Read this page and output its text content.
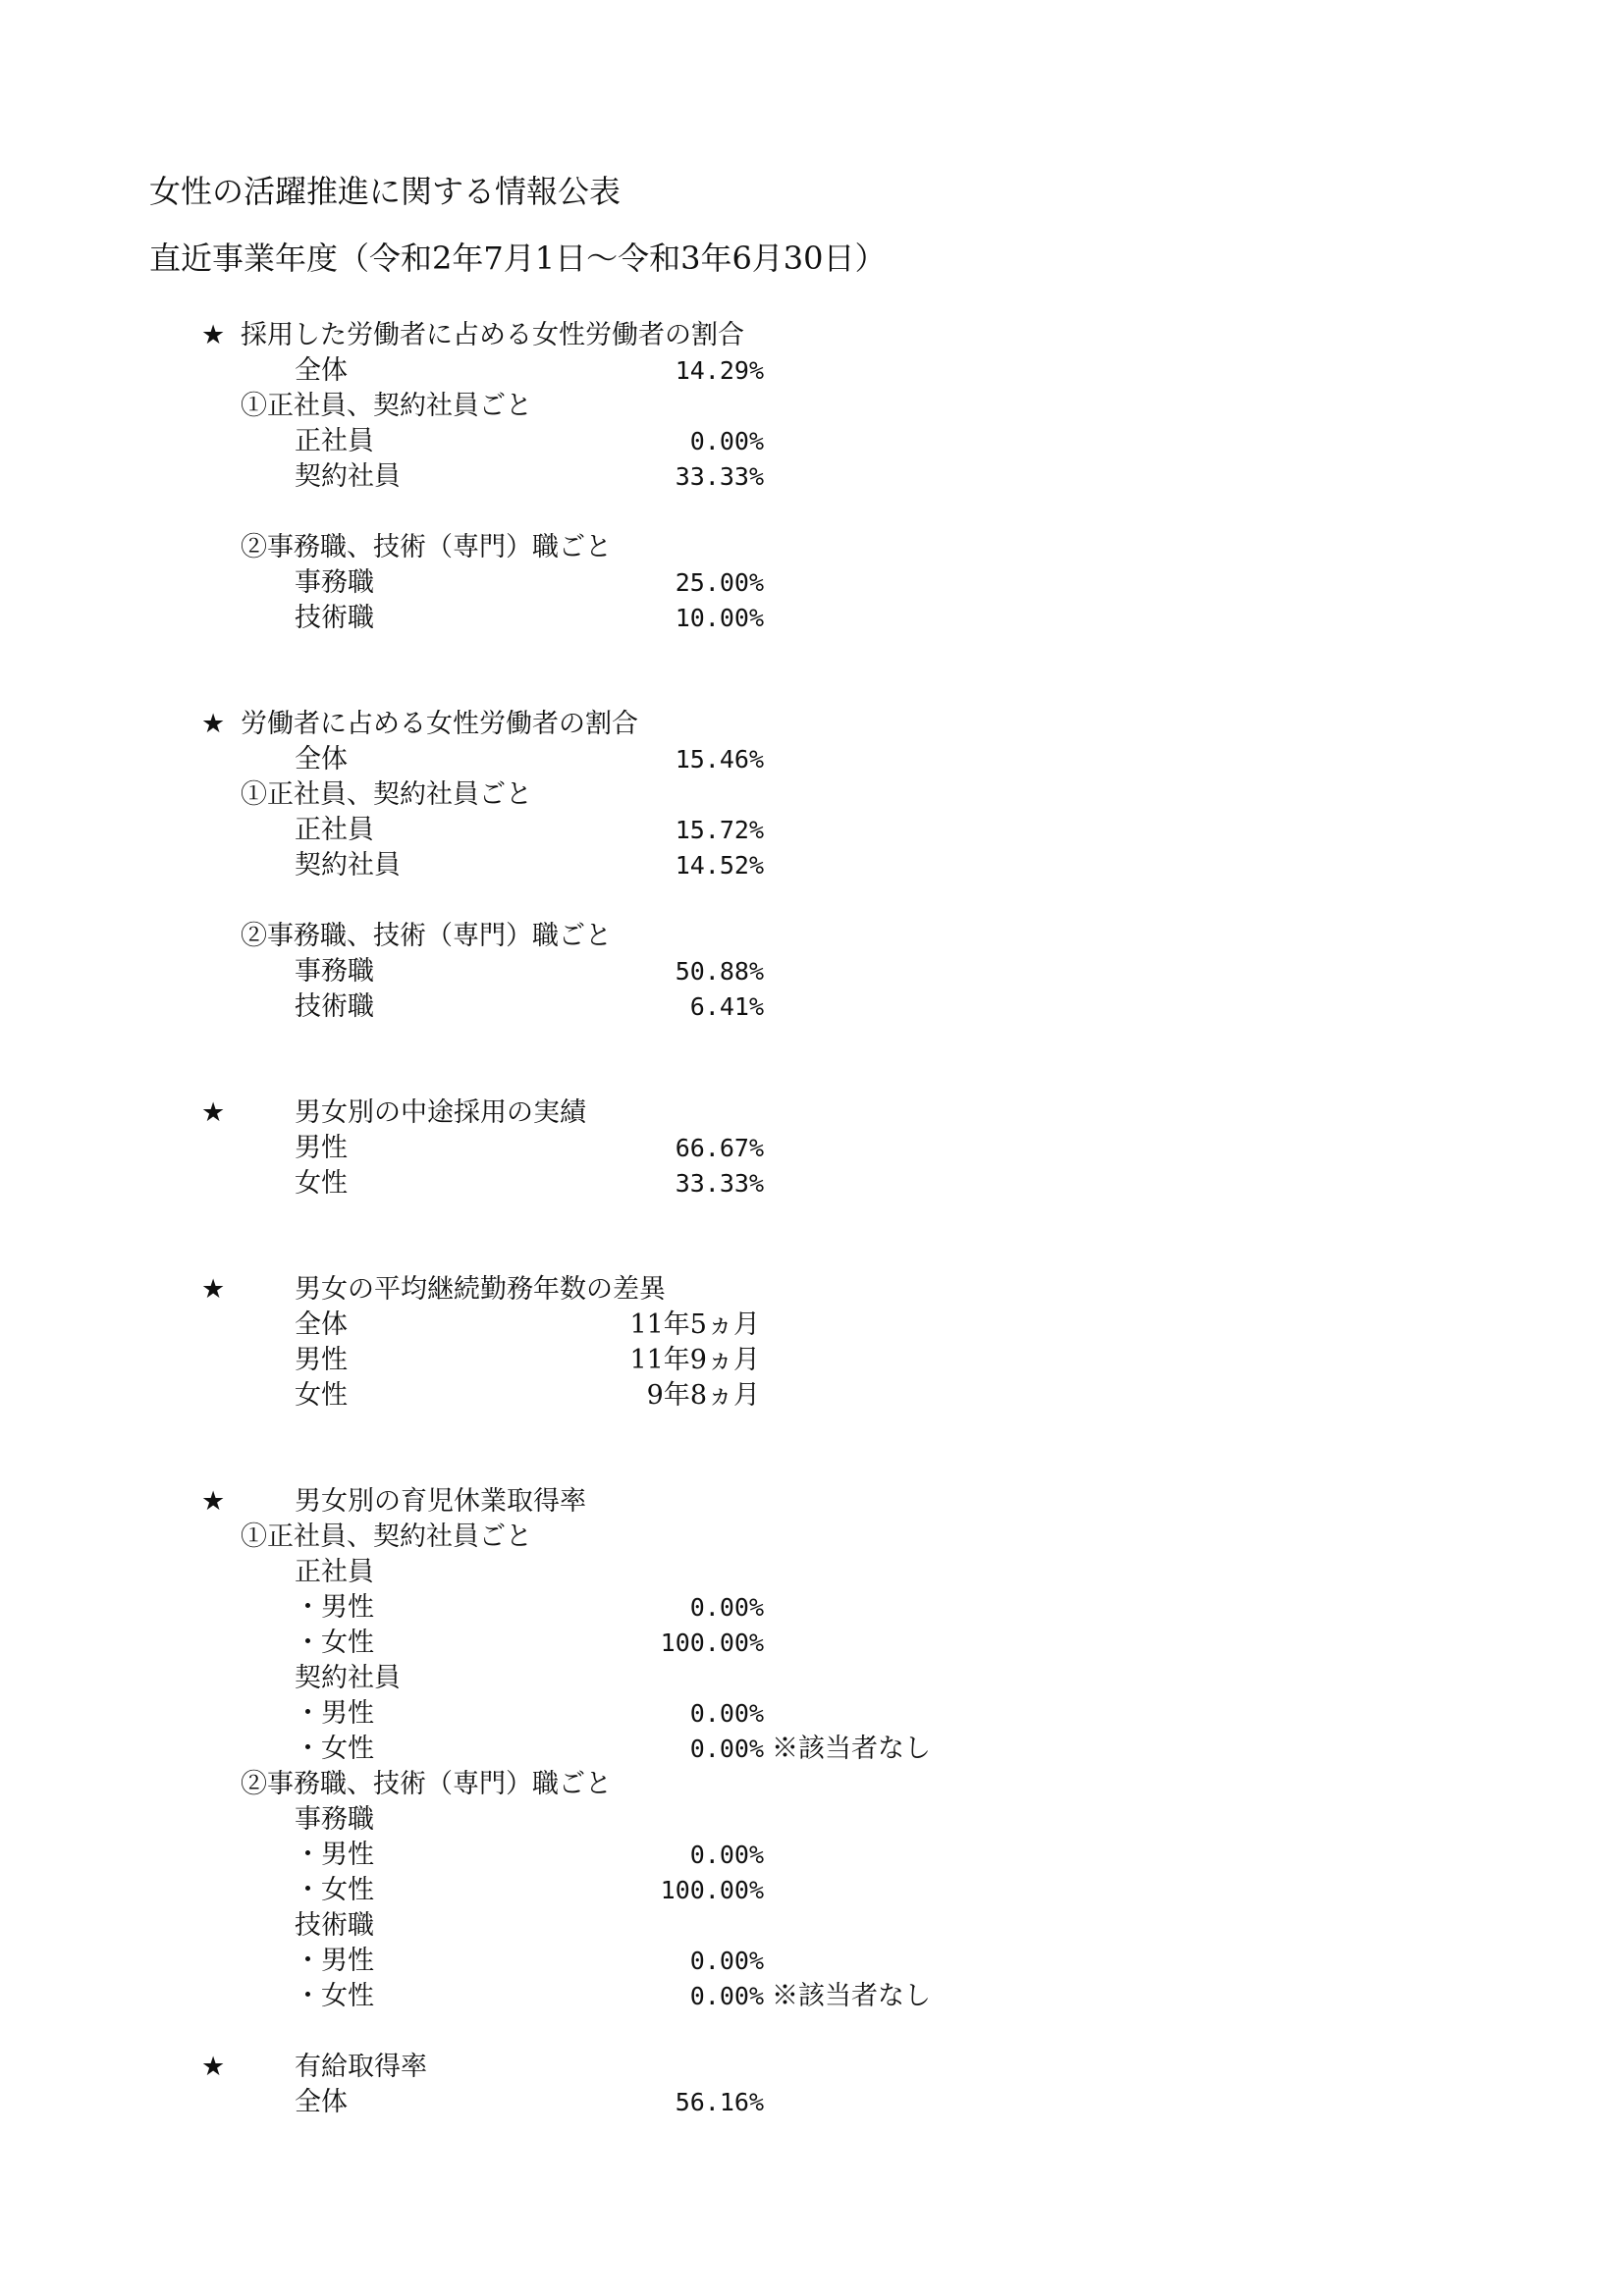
女性の活躍推進に関する情報公表
直近事業年度（令和2年7月1日～令和3年6月30日）
★ 採用した労働者に占める女性労働者の割合
全体	14.29%
①正社員、契約社員ごと
正社員	0.00%
契約社員	33.33%
②事務職、技術（専門）職ごと
事務職	25.00%
技術職	10.00%
★ 労働者に占める女性労働者の割合
全体	15.46%
①正社員、契約社員ごと
正社員	15.72%
契約社員	14.52%
②事務職、技術（専門）職ごと
事務職	50.88%
技術職	6.41%
★	男女別の中途採用の実績
男性	66.67%
女性	33.33%
★	男女の平均継続勤務年数の差異
全体	11年5ヵ月
男性	11年9ヵ月
女性	9年8ヵ月
★	男女別の育児休業取得率
①正社員、契約社員ごと
正社員
・男性	0.00%
・女性	100.00%
契約社員
・男性	0.00%
・女性	0.00% ※該当者なし
②事務職、技術（専門）職ごと
事務職
・男性	0.00%
・女性	100.00%
技術職
・男性	0.00%
・女性	0.00% ※該当者なし
★	有給取得率
全体	56.16%
